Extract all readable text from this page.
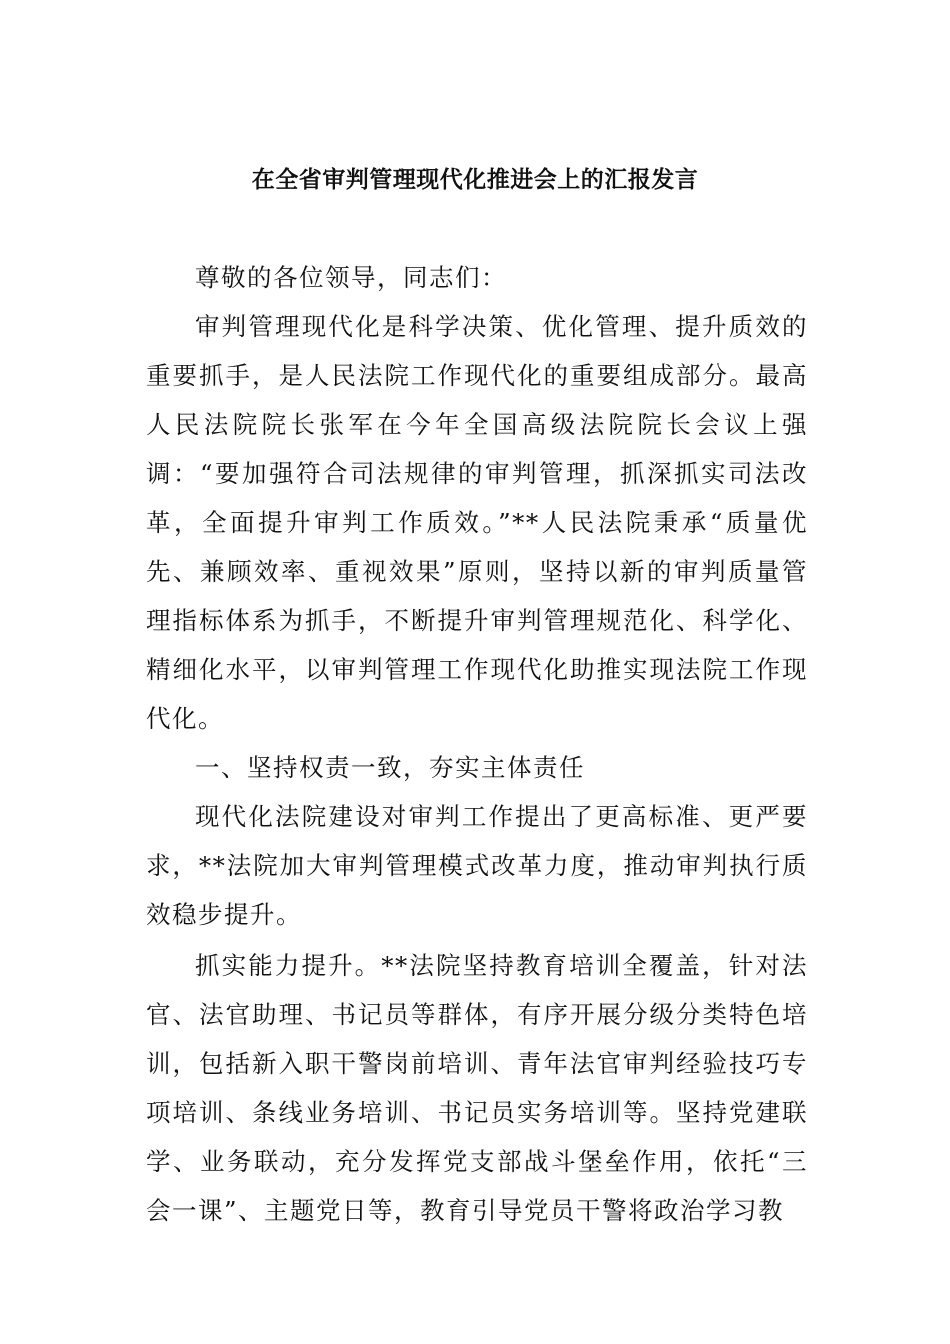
在全省审判管理现代化推进会上的汇报发言

尊敬的各位领导，同志们：

审判管理现代化是科学决策、优化管理、提升质效的重要抓手，是人民法院工作现代化的重要组成部分。最高人民法院院长张军在今年全国高级法院院长会议上强调：“要加强符合司法规律的审判管理，抓深抓实司法改革，全面提升审判工作质效。”**人民法院秉承“质量优先、兼顾效率、重视效果”原则，坚持以新的审判质量管理指标体系为抓手，不断提升审判管理规范化、科学化、精细化水平，以审判管理工作现代化助推实现法院工作现代化。

一、坚持权责一致，夯实主体责任

现代化法院建设对审判工作提出了更高标准、更严要求，**法院加大审判管理模式改革力度，推动审判执行质效稳步提升。

抓实能力提升。**法院坚持教育培训全覆盖，针对法官、法官助理、书记员等群体，有序开展分级分类特色培训，包括新入职干警岗前培训、青年法官审判经验技巧专项培训、条线业务培训、书记员实务培训等。坚持党建联学、业务联动，充分发挥党支部战斗堡垒作用，依托“三会一课”、主题党日等，教育引导党员干警将政治学习教
